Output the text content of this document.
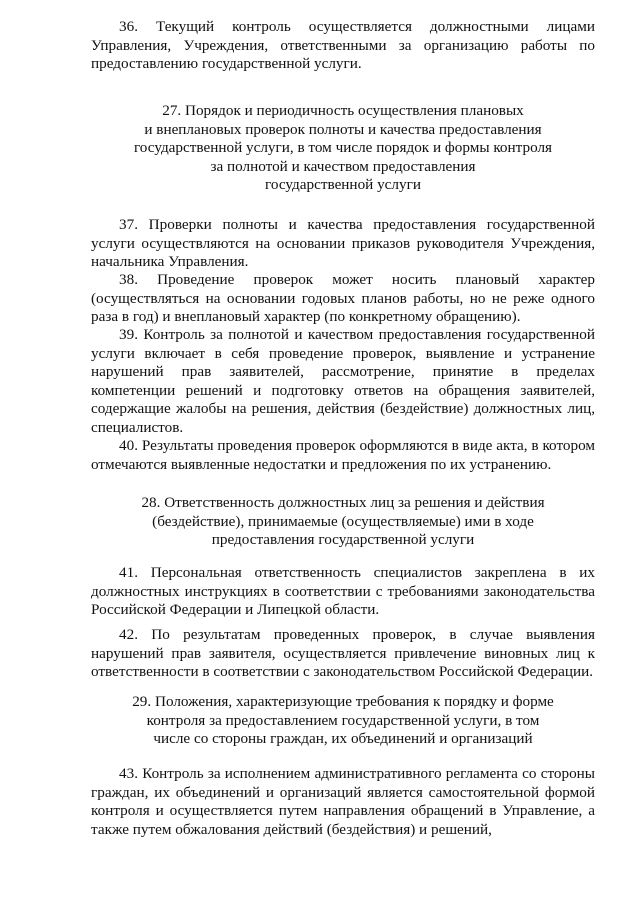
36. Текущий контроль осуществляется должностными лицами Управления, Учреждения, ответственными за организацию работы по предоставлению государственной услуги.

27. Порядок и периодичность осуществления плановых
и внеплановых проверок полноты и качества предоставления
государственной услуги, в том числе порядок и формы контроля
за полнотой и качеством предоставления
государственной услуги

37. Проверки полноты и качества предоставления государственной услуги осуществляются на основании приказов руководителя Учреждения, начальника Управления.

38. Проведение проверок может носить плановый характер (осуществляться на основании годовых планов работы, но не реже одного раза в год) и внеплановый характер (по конкретному обращению).

39. Контроль за полнотой и качеством предоставления государственной услуги включает в себя проведение проверок, выявление и устранение нарушений прав заявителей, рассмотрение, принятие в пределах компетенции решений и подготовку ответов на обращения заявителей, содержащие жалобы на решения, действия (бездействие) должностных лиц, специалистов.

40. Результаты проведения проверок оформляются в виде акта, в котором отмечаются выявленные недостатки и предложения по их устранению.

28. Ответственность должностных лиц за решения и действия
(бездействие), принимаемые (осуществляемые) ими в ходе
предоставления государственной услуги

41. Персональная ответственность специалистов закреплена в их должностных инструкциях в соответствии с требованиями законодательства Российской Федерации и Липецкой области.

42. По результатам проведенных проверок, в случае выявления нарушений прав заявителя, осуществляется привлечение виновных лиц к ответственности в соответствии с законодательством Российской Федерации.

29. Положения, характеризующие требования к порядку и форме
контроля за предоставлением государственной услуги, в том
числе со стороны граждан, их объединений и организаций

43. Контроль за исполнением административного регламента со стороны граждан, их объединений и организаций является самостоятельной формой контроля и осуществляется путем направления обращений в Управление, а также путем обжалования действий (бездействия) и решений,
